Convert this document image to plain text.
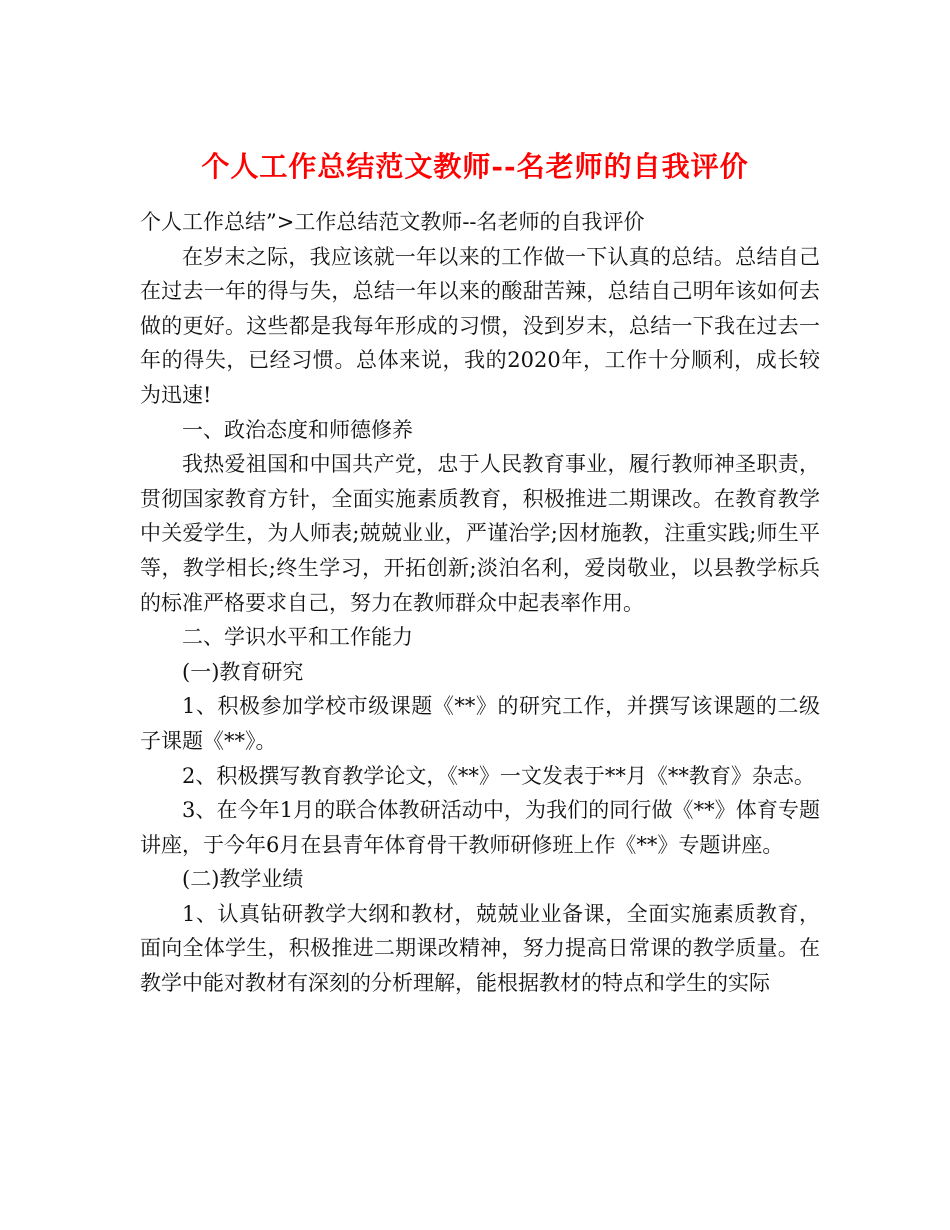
个人工作总结范文教师--名老师的自我评价

个人工作总结”>工作总结范文教师--名老师的自我评价

在岁末之际，我应该就一年以来的工作做一下认真的总结。总结自己在过去一年的得与失，总结一年以来的酸甜苦辣，总结自己明年该如何去做的更好。这些都是我每年形成的习惯，没到岁末，总结一下我在过去一年的得失，已经习惯。总体来说，我的2020年，工作十分顺利，成长较为迅速!

一、政治态度和师德修养

我热爱祖国和中国共产党，忠于人民教育事业，履行教师神圣职责，贯彻国家教育方针，全面实施素质教育，积极推进二期课改。在教育教学中关爱学生，为人师表;兢兢业业，严谨治学;因材施教，注重实践;师生平等，教学相长;终生学习，开拓创新;淡泊名利，爱岗敬业，以县教学标兵的标准严格要求自己，努力在教师群众中起表率作用。

二、学识水平和工作能力

(一)教育研究

1、积极参加学校市级课题《**》的研究工作，并撰写该课题的二级子课题《**》。

2、积极撰写教育教学论文，《**》一文发表于**月《**教育》杂志。

3、在今年1月的联合体教研活动中，为我们的同行做《**》体育专题讲座，于今年6月在县青年体育骨干教师研修班上作《**》专题讲座。

(二)教学业绩

1、认真钻研教学大纲和教材，兢兢业业备课，全面实施素质教育，面向全体学生，积极推进二期课改精神，努力提高日常课的教学质量。在教学中能对教材有深刻的分析理解，能根据教材的特点和学生的实际
